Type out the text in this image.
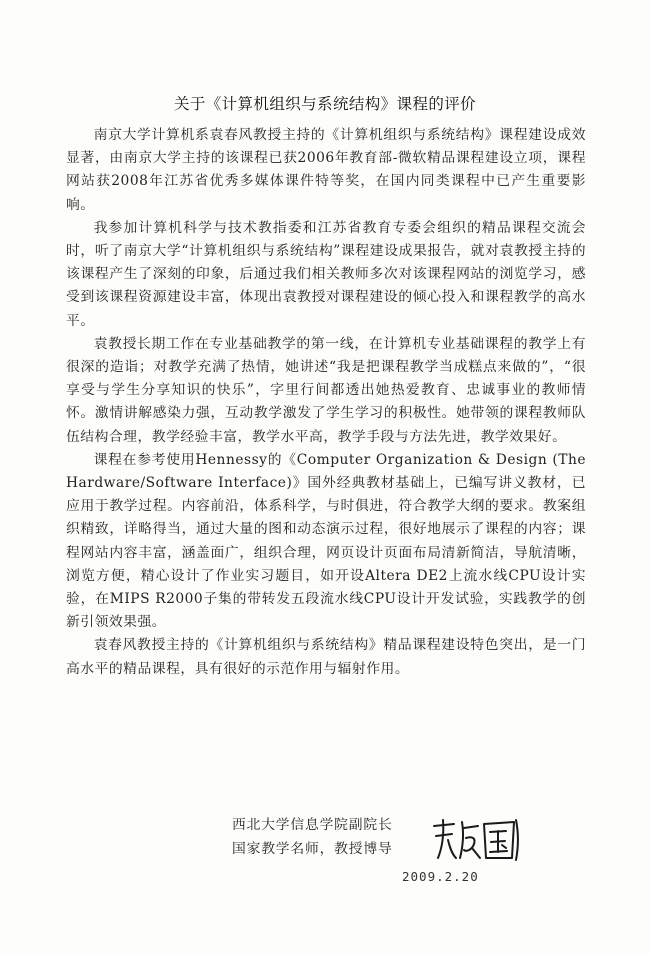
关于《计算机组织与系统结构》课程的评价

南京大学计算机系袁春风教授主持的《计算机组织与系统结构》课程建设成效显著，由南京大学主持的该课程已获2006年教育部-微软精品课程建设立项，课程网站获2008年江苏省优秀多媒体课件特等奖，在国内同类课程中已产生重要影响。

我参加计算机科学与技术教指委和江苏省教育专委会组织的精品课程交流会时，听了南京大学“计算机组织与系统结构”课程建设成果报告，就对袁教授主持的该课程产生了深刻的印象，后通过我们相关教师多次对该课程网站的浏览学习，感受到该课程资源建设丰富，体现出袁教授对课程建设的倾心投入和课程教学的高水平。

袁教授长期工作在专业基础教学的第一线，在计算机专业基础课程的教学上有很深的造诣；对教学充满了热情，她讲述“我是把课程教学当成糕点来做的”，“很享受与学生分享知识的快乐”，字里行间都透出她热爱教育、忠诚事业的教师情怀。激情讲解感染力强，互动教学激发了学生学习的积极性。她带领的课程教师队伍结构合理，教学经验丰富，教学水平高，教学手段与方法先进，教学效果好。

课程在参考使用Hennessy的《Computer Organization & Design (The Hardware/Software Interface)》国外经典教材基础上，已编写讲义教材，已应用于教学过程。内容前沿，体系科学，与时俱进，符合教学大纲的要求。教案组织精致，详略得当，通过大量的图和动态演示过程，很好地展示了课程的内容；课程网站内容丰富，涵盖面广，组织合理，网页设计页面布局清新简洁，导航清晰，浏览方便，精心设计了作业实习题目，如开设Altera DE2上流水线CPU设计实验，在MIPS R2000子集的带转发五段流水线CPU设计开发试验，实践教学的创新引领效果强。

袁春风教授主持的《计算机组织与系统结构》精品课程建设特色突出，是一门高水平的精品课程，具有很好的示范作用与辐射作用。

西北大学信息学院副院长
国家教学名师，教授博导
2009.2.20
